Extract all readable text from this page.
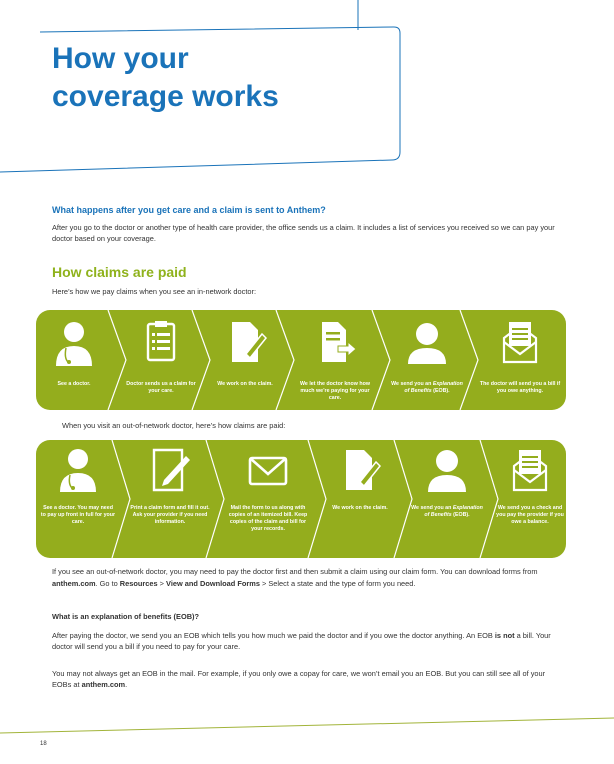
How your
coverage works
What happens after you get care and a claim is sent to Anthem?
After you go to the doctor or another type of health care provider, the office sends us a claim. It includes a list of services you received so we can pay your doctor based on your coverage.
How claims are paid
Here’s how we pay claims when you see an in-network doctor:
See a doctor.	Doctor sends us a claim for your care.
We work on the claim.	We let the doctor know how much we’re paying for your care.
We send you an Explanation of Benefits (EOB).
The doctor will send you a bill if you owe anything.
When you visit an out-of-network doctor, here’s how claims are paid:
See a doctor. You may need to pay up front in full for your care.
Print a claim form and fill it out. Ask your provider if you need information.
Mail the form to us along with copies of an itemized bill. Keep copies of the claim and bill for your records.
We work on the claim.	We send you an Explanation of Benefits (EOB).
We send you a check and you pay the provider if you owe a balance.
If you see an out-of-network doctor, you may need to pay the doctor first and then submit a claim using our claim form. You can download forms from anthem.com. Go to Resources > View and Download Forms > Select a state and the type of form you need.
What is an explanation of benefits (EOB)?
After paying the doctor, we send you an EOB which tells you how much we paid the doctor and if you owe the doctor anything. An EOB is not a bill. Your doctor will send you a bill if you need to pay for your care.
You may not always get an EOB in the mail. For example, if you only owe a copay for care, we won’t email you an EOB. But you can still see all of your EOBs at anthem.com.
18
